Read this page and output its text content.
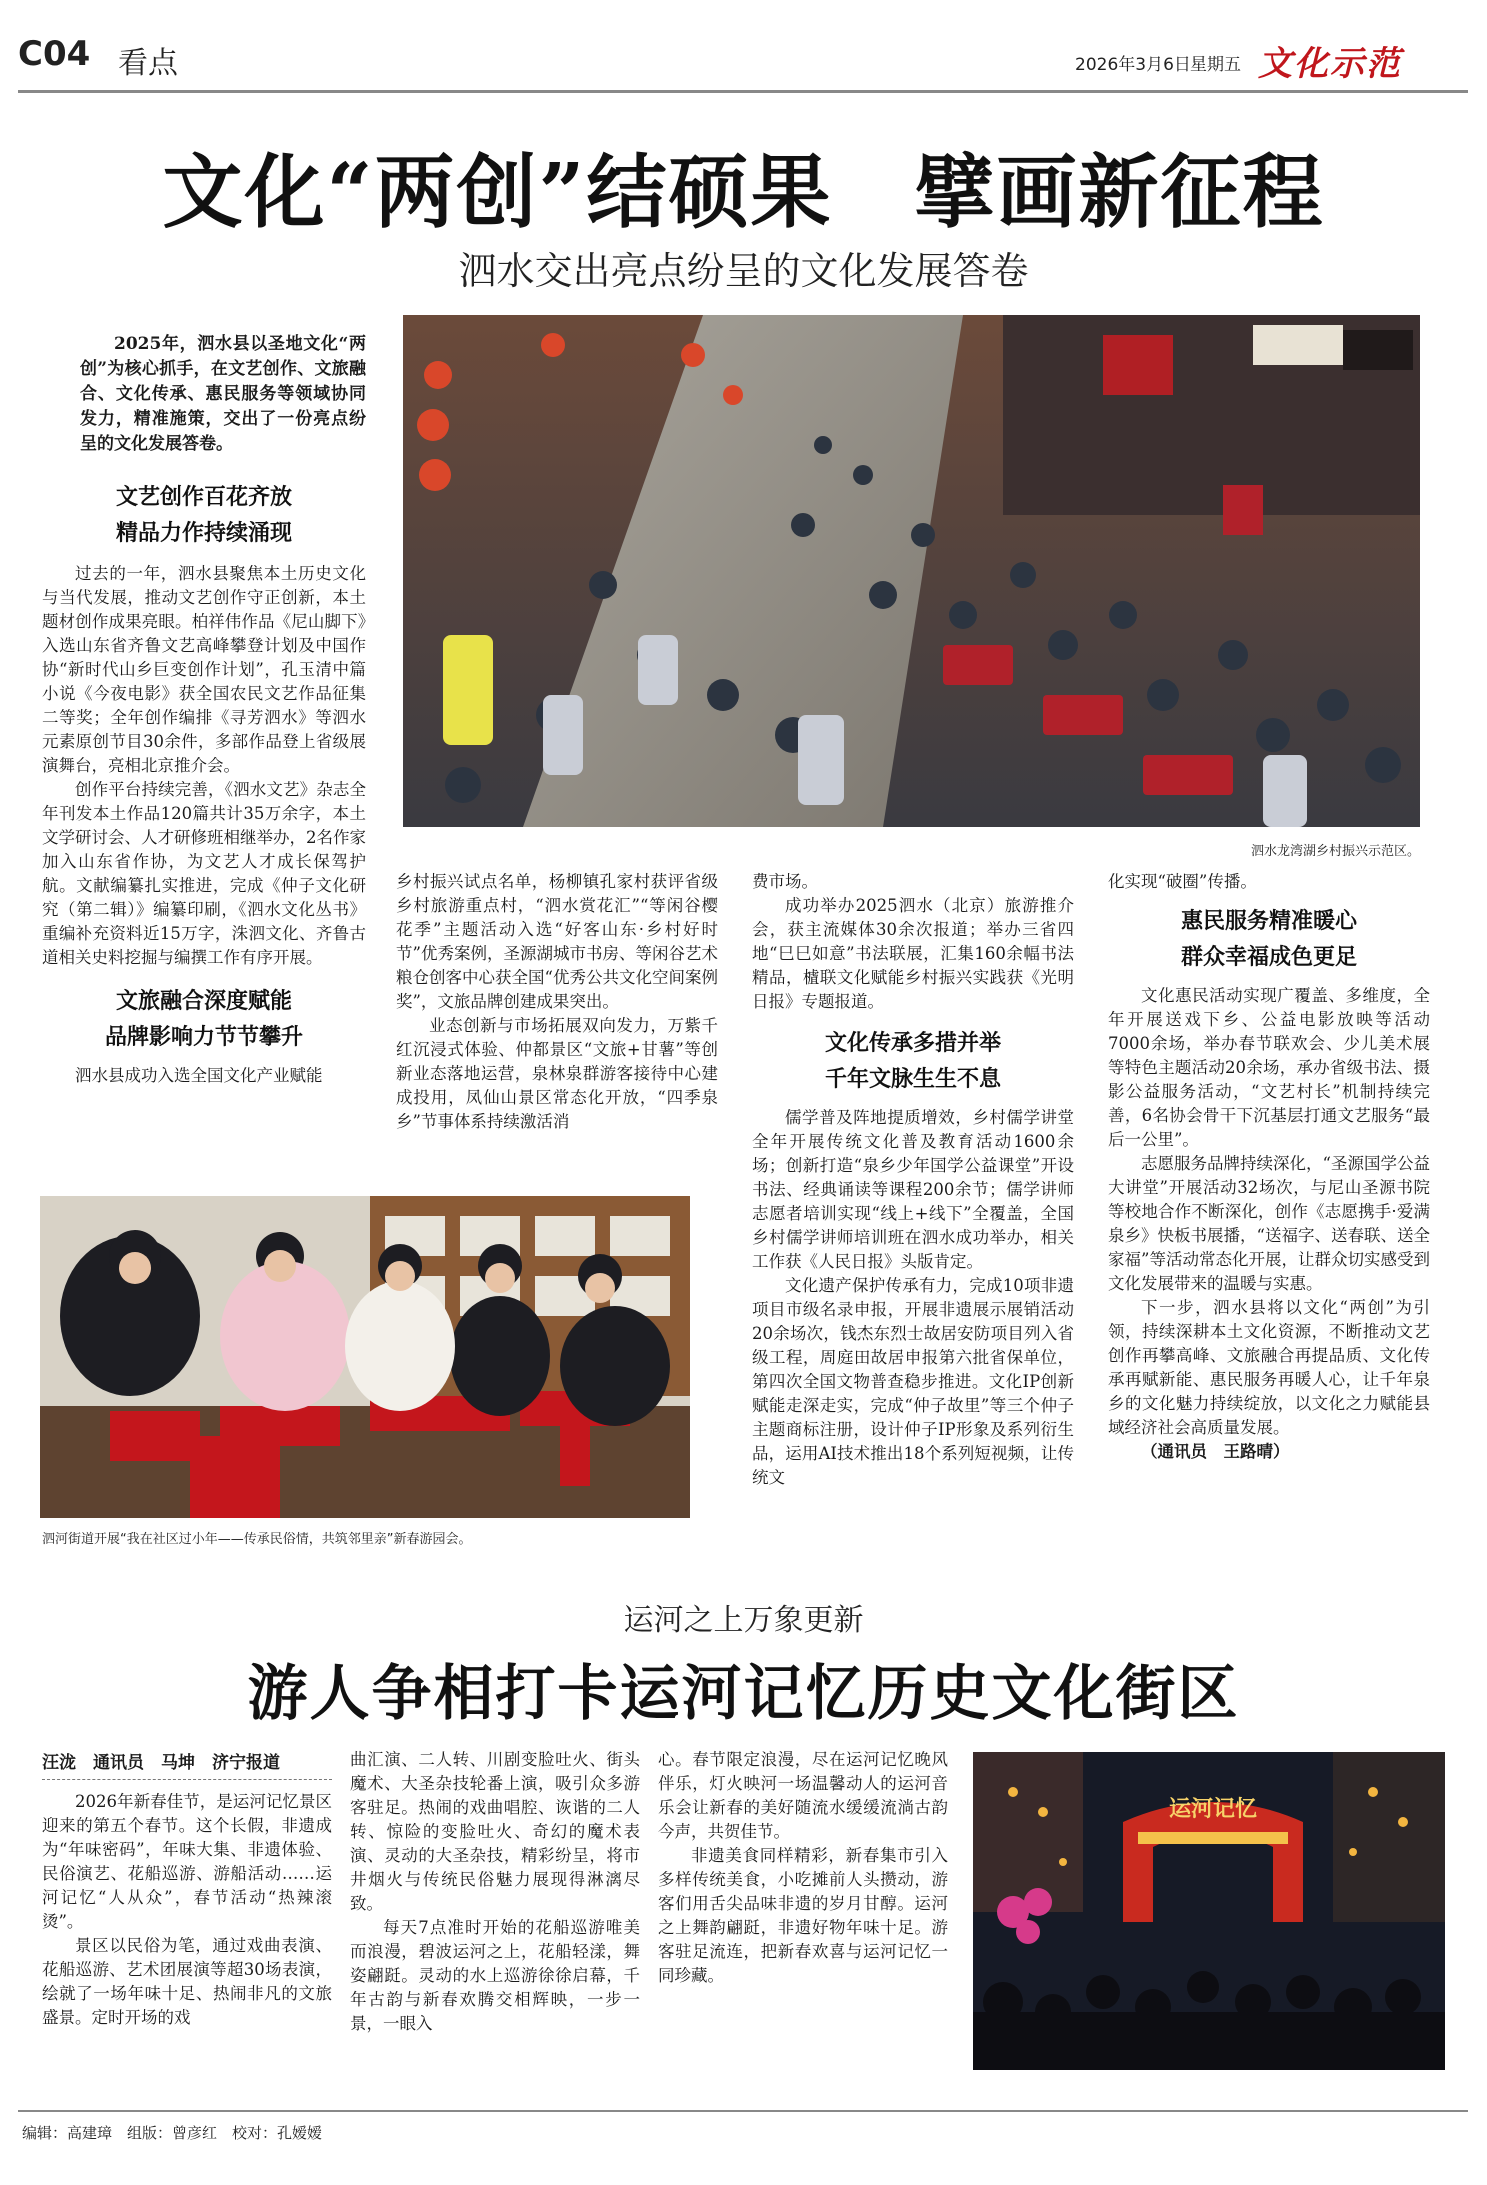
C04 看点	2026年3月6日 星期五 文化示范
文化“两创”结硕果　擘画新征程
泗水交出亮点纷呈的文化发展答卷
2025年，泗水县以圣地文化“两创”为核心抓手，在文艺创作、文旅融合、文化传承、惠民服务等领域协同发力，精准施策，交出了一份亮点纷呈的文化发展答卷。
文艺创作百花齐放
精品力作持续涌现

过去的一年，泗水县聚焦本土历史文化与当代发展，推动文艺创作守正创新，本土题材创作成果亮眼。柏祥伟作品《尼山脚下》入选山东省齐鲁文艺高峰攀登计划及中国作协“新时代山乡巨变创作计划”，孔玉清中篇小说《今夜电影》获全国农民文艺作品征集二等奖；全年创作编排《寻芳泗水》等泗水元素原创节目30余件，多部作品登上省级展演舞台，亮相北京推介会。

创作平台持续完善，《泗水文艺》杂志全年刊发本土作品120篇共计35万余字，本土文学研讨会、人才研修班相继举办，2名作家加入山东省作协，为文艺人才成长保驾护航。文献编纂扎实推进，完成《仲子文化研究（第二辑）》编纂印刷，《泗水文化丛书》重编补充资料近15万字，洙泗文化、齐鲁古道相关史料挖掘与编撰工作有序开展。

文旅融合深度赋能
品牌影响力节节攀升

泗水县成功入选全国文化产业赋能

泗水龙湾湖乡村振兴示范区。

乡村振兴试点名单，杨柳镇孔家村获评省级乡村旅游重点村，“泗水赏花汇”“等闲谷樱花季”主题活动入选“好客山东·乡村好时节”优秀案例，圣源湖城市书房、等闲谷艺术粮仓创客中心获全国“优秀公共文化空间案例奖”，文旅品牌创建成果突出。

业态创新与市场拓展双向发力，万紫千红沉浸式体验、仲都景区“文旅+甘薯”等创新业态落地运营，泉林泉群游客接待中心建成投用，凤仙山景区常态化开放，“四季泉乡”节事体系持续激活消

费市场。

成功举办2025泗水（北京）旅游推介会，获主流媒体30余次报道；举办三省四地“巳巳如意”书法联展，汇集160余幅书法精品，樝联文化赋能乡村振兴实践获《光明日报》专题报道。

文化传承多措并举
千年文脉生生不息

儒学普及阵地提质增效，乡村儒学讲堂全年开展传统文化普及教育活动1600余场；创新打造“泉乡少年国学公益课堂”开设书法、经典诵读等课程200余节；儒学讲师志愿者培训实现“线上+线下”全覆盖，全国乡村儒学讲师培训班在泗水成功举办，相关工作获《人民日报》头版肯定。

文化遗产保护传承有力，完成10项非遗项目市级名录申报，开展非遗展示展销活动20余场次，钱杰东烈士故居安防项目列入省级工程，周庭田故居申报第六批省保单位，第四次全国文物普查稳步推进。文化IP创新赋能走深走实，完成“仲子故里”等三个仲子主题商标注册，设计仲子IP形象及系列衍生品，运用AI技术推出18个系列短视频，让传统文

化实现“破圈”传播。

惠民服务精准暖心
群众幸福成色更足

文化惠民活动实现广覆盖、多维度，全年开展送戏下乡、公益电影放映等活动7000余场，举办春节联欢会、少儿美术展等特色主题活动20余场，承办省级书法、摄影公益服务活动，“文艺村长”机制持续完善，6名协会骨干下沉基层打通文艺服务“最后一公里”。

志愿服务品牌持续深化，“圣源国学公益大讲堂”开展活动32场次，与尼山圣源书院等校地合作不断深化，创作《志愿携手·爱满泉乡》快板书展播，“送福字、送春联、送全家福”等活动常态化开展，让群众切实感受到文化发展带来的温暖与实惠。

下一步，泗水县将以文化“两创”为引领，持续深耕本土文化资源，不断推动文艺创作再攀高峰、文旅融合再提品质、文化传承再赋新能、惠民服务再暖人心，让千年泉乡的文化魅力持续绽放，以文化之力赋能县域经济社会高质量发展。

（通讯员　王路晴）
泗河街道开展“我在社区过小年——传承民俗情，共筑邻里亲”新春游园会。
运河之上万象更新
游人争相打卡运河记忆历史文化街区
汪泷　通讯员　马坤　济宁报道

2026年新春佳节，是运河记忆景区迎来的第五个春节。这个长假，非遗成为“年味密码”，年味大集、非遗体验、民俗演艺、花船巡游、游船活动……运河记忆“人从众”，春节活动“热辣滚烫”。

景区以民俗为笔，通过戏曲表演、花船巡游、艺术团展演等超30场表演，绘就了一场年味十足、热闹非凡的文旅盛景。定时开场的戏

曲汇演、二人转、川剧变脸吐火、街头魔术、大圣杂技轮番上演，吸引众多游客驻足。热闹的戏曲唱腔、诙谐的二人转、惊险的变脸吐火、奇幻的魔术表演、灵动的大圣杂技，精彩纷呈，将市井烟火与传统民俗魅力展现得淋漓尽致。

每天7点准时开始的花船巡游唯美而浪漫，碧波运河之上，花船轻漾，舞姿翩跹。灵动的水上巡游徐徐启幕，千年古韵与新春欢腾交相辉映，一步一景，一眼入

心。春节限定浪漫，尽在运河记忆晚风伴乐，灯火映河一场温馨动人的运河音乐会让新春的美好随流水缓缓流淌古韵今声，共贺佳节。

非遗美食同样精彩，新春集市引入多样传统美食，小吃摊前人头攒动，游客们用舌尖品味非遗的岁月甘醇。运河之上舞韵翩跹，非遗好物年味十足。游客驻足流连，把新春欢喜与运河记忆一同珍藏。

运河记忆
编辑：高建璋　组版：曾彦红　校对：孔嫒嫒
